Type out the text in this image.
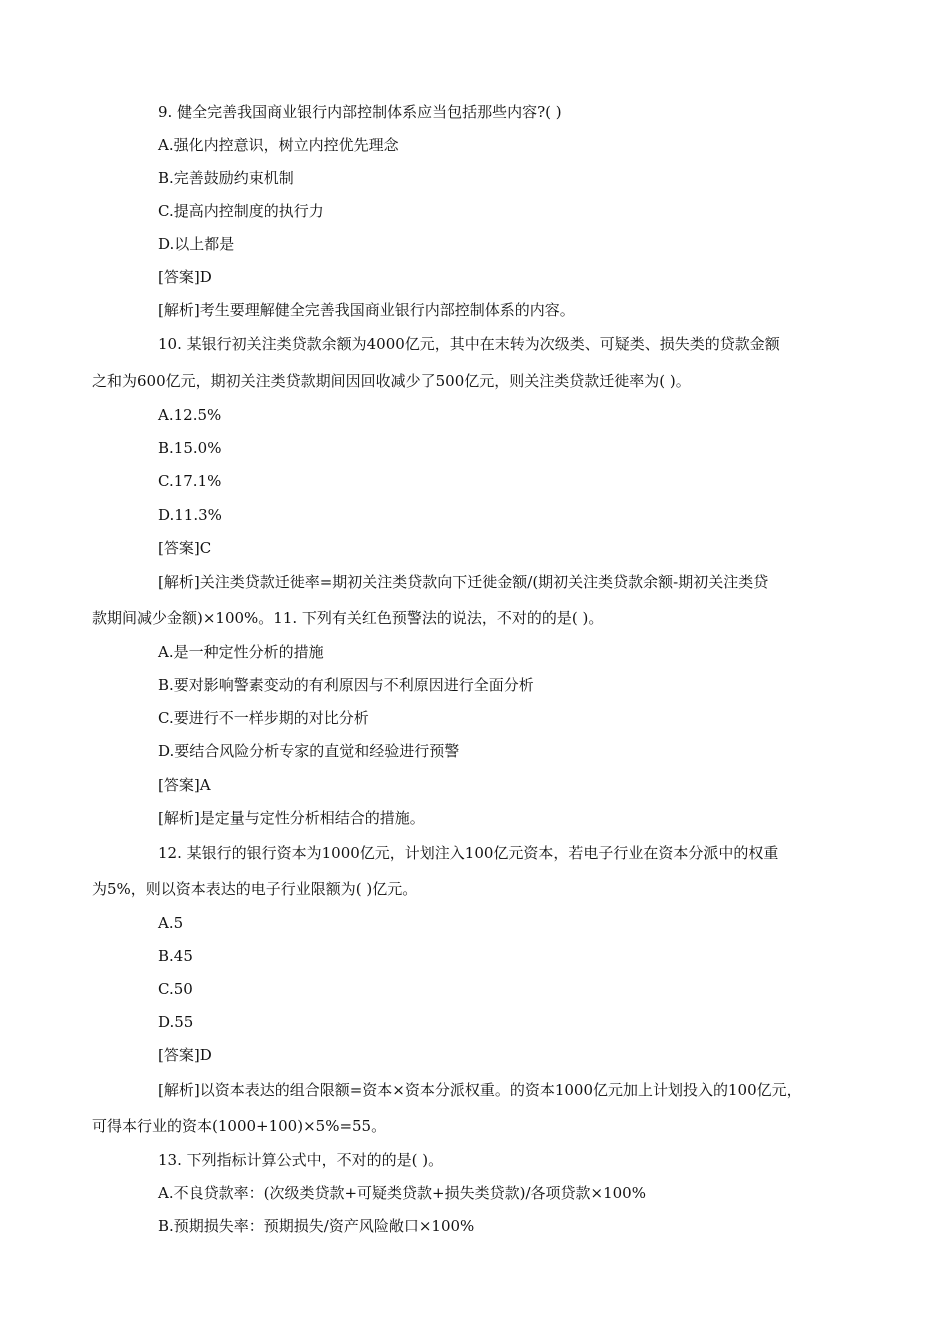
9. 健全完善我国商业银行内部控制体系应当包括那些内容?( )
A.强化内控意识，树立内控优先理念
B.完善鼓励约束机制
C.提高内控制度的执行力
D.以上都是
[答案]D
[解析]考生要理解健全完善我国商业银行内部控制体系的内容。
10. 某银行初关注类贷款余额为4000亿元，其中在末转为次级类、可疑类、损失类的贷款金额
之和为600亿元，期初关注类贷款期间因回收减少了500亿元，则关注类贷款迁徙率为( )。
A.12.5%
B.15.0%
C.17.1%
D.11.3%
[答案]C
[解析]关注类贷款迁徙率=期初关注类贷款向下迁徙金额/(期初关注类贷款余额-期初关注类贷
款期间减少金额)×100%。11. 下列有关红色预警法的说法，不对的的是( )。
A.是一种定性分析的措施
B.要对影响警素变动的有利原因与不利原因进行全面分析
C.要进行不一样步期的对比分析
D.要结合风险分析专家的直觉和经验进行预警
[答案]A
[解析]是定量与定性分析相结合的措施。
12. 某银行的银行资本为1000亿元，计划注入100亿元资本，若电子行业在资本分派中的权重
为5%，则以资本表达的电子行业限额为( )亿元。
A.5
B.45
C.50
D.55
[答案]D
[解析]以资本表达的组合限额=资本×资本分派权重。的资本1000亿元加上计划投入的100亿元，
可得本行业的资本(1000+100)×5%=55。
13. 下列指标计算公式中，不对的的是( )。
A.不良贷款率：(次级类贷款+可疑类贷款+损失类贷款)/各项贷款×100%
B.预期损失率：预期损失/资产风险敞口×100%
